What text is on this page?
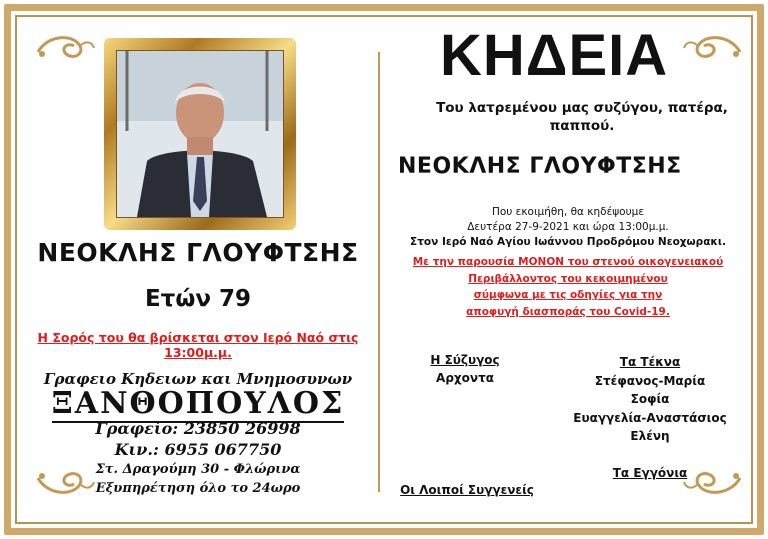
ΝΕΟΚΛΗΣ ΓΛΟΥΦΤΣΗΣ
Ετών 79
Η Σορός του θα βρίσκεται στον Ιερό Ναό στις 13:00μ.μ.
Γραφειο Κηδειων και Μνημοσυνων
ΞΑΝΘΟΠΟΥΛΟΣ
Γραφείο: 23850 26998
Κιν.: 6955 067750
Στ. Δραγούμη 30 - Φλώρινα
Εξυπηρέτηση όλο το 24ωρο
ΚΗΔΕΙΑ
Του λατρεμένου μας συζύγου, πατέρα, παππού.
ΝΕΟΚΛΗΣ ΓΛΟΥΦΤΣΗΣ
Που εκοιμήθη, θα κηδέψουμε
Δευτέρα 27-9-2021 και ώρα 13:00μ.μ.
Στον Ιερό Ναό Αγίου Ιωάννου Προδρόμου Νεοχωρακι.
Με την παρουσία ΜΟΝΟΝ του στενού οικογενειακού
Περιβάλλοντος του κεκοιμημένου
σύμφωνα με τις οδηγίες για την
αποφυγή διασποράς του Covid-19.
Η Σύζυγος
Αρχοντα
Τα Τέκνα
Στέφανος-Μαρία
Σοφία
Ευαγγελία-Αναστάσιος
Ελένη
Τα Εγγόνια
Οι Λοιποί Συγγενείς
